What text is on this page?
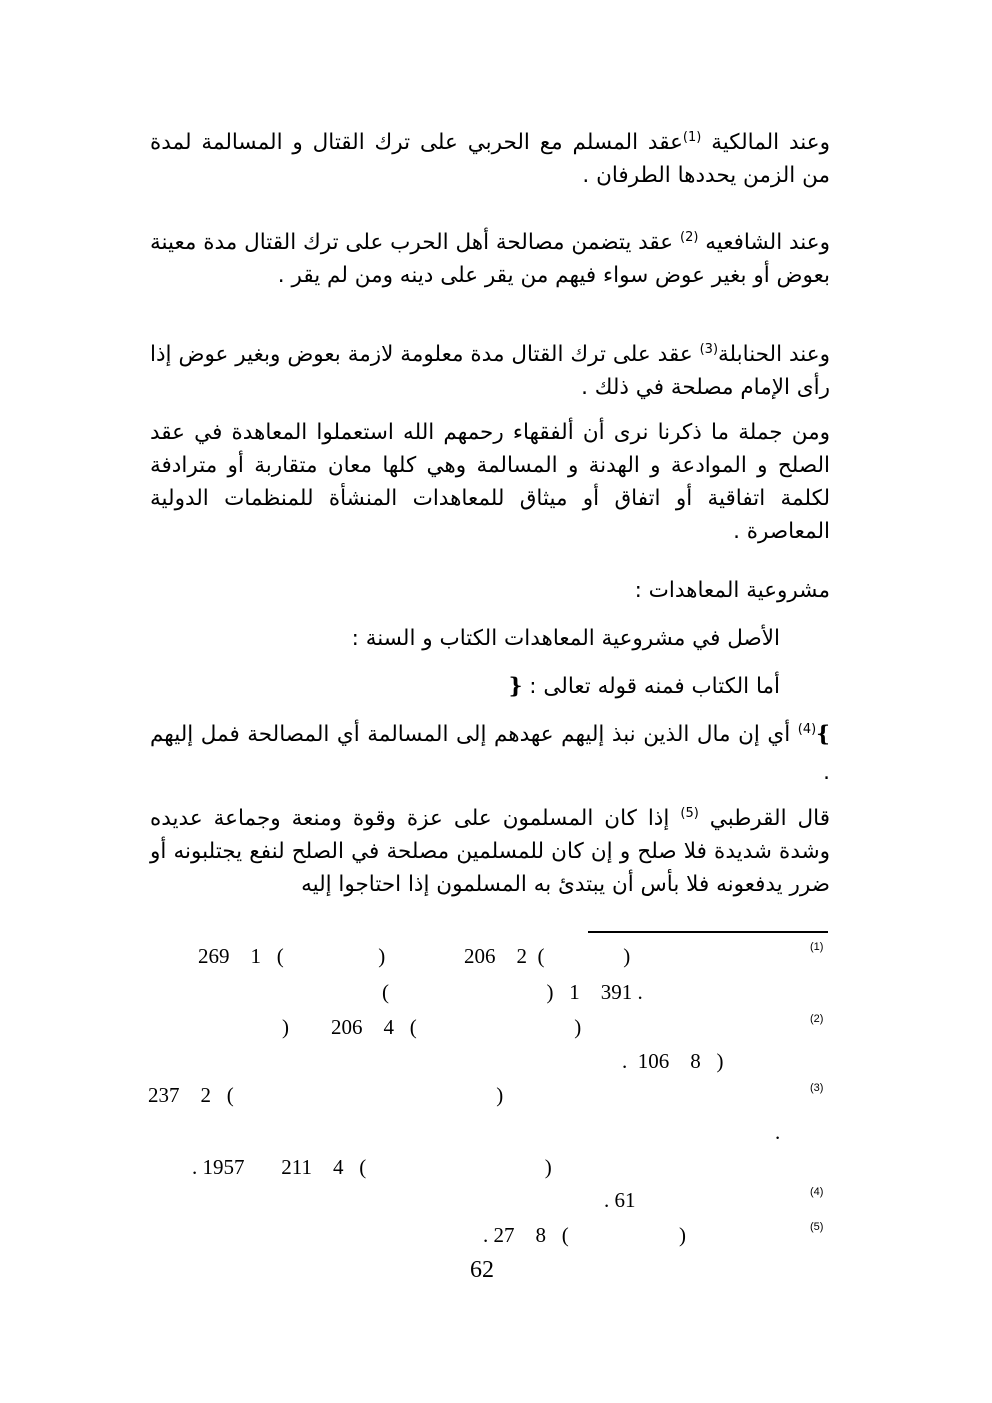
وعند المالكية $^{(1)}$عقد المسلم مع الحربي على ترك القتال و المسالمة لمدة من الزمن يحددها الطرفان .

وعند الشافعيه $^{(2)}$ عقد يتضمن مصالحة أهل الحرب على ترك القتال مدة معينة بعوض أو بغير عوض سواء فيهم من يقر على دينه ومن لم يقر .

وعند الحنابلة$^{(3)}$ عقد على ترك القتال مدة معلومة لازمة بعوض وبغير عوض إذا رأى الإمام مصلحة في ذلك .

ومن جملة ما ذكرنا نرى أن ألفقهاء رحمهم الله استعملوا المعاهدة في عقد الصلح و الموادعة و الهدنة و المسالمة وهي كلها معان متقاربة أو مترادفة لكلمة اتفاقية أو اتفاق أو ميثاق للمعاهدات المنشأة للمنظمات الدولية المعاصرة .

مشروعية المعاهدات :
الأصل في مشروعية المعاهدات الكتاب و السنة :
أما الكتاب فمنه قوله تعالى : {

}$^{(4)}$ أي إن مال الذين نبذ إليهم عهدهم إلى المسالمة أي المصالحة فمل إليهم .

قال القرطبي $^{(5)}$ إذا كان المسلمون على عزة وقوة ومنعة وجماعة عديده وشدة شديدة فلا صلح و إن كان للمسلمين مصلحة في الصلح لنفع يجتلبونه أو ضرر يدفعونه فلا بأس أن يبتدئ به المسلمون إذا احتاجوا إليه

(1)
(2)
(3)
(4)
(5)
269    1   (                  )               206    2  (               )
(                              )   1    391 .
)        206    4   (                              )
.  106    8   )
237    2   (                                                  )
.
. 1957       211    4   (                                  )
. 61
. 27    8   (                     )
62
